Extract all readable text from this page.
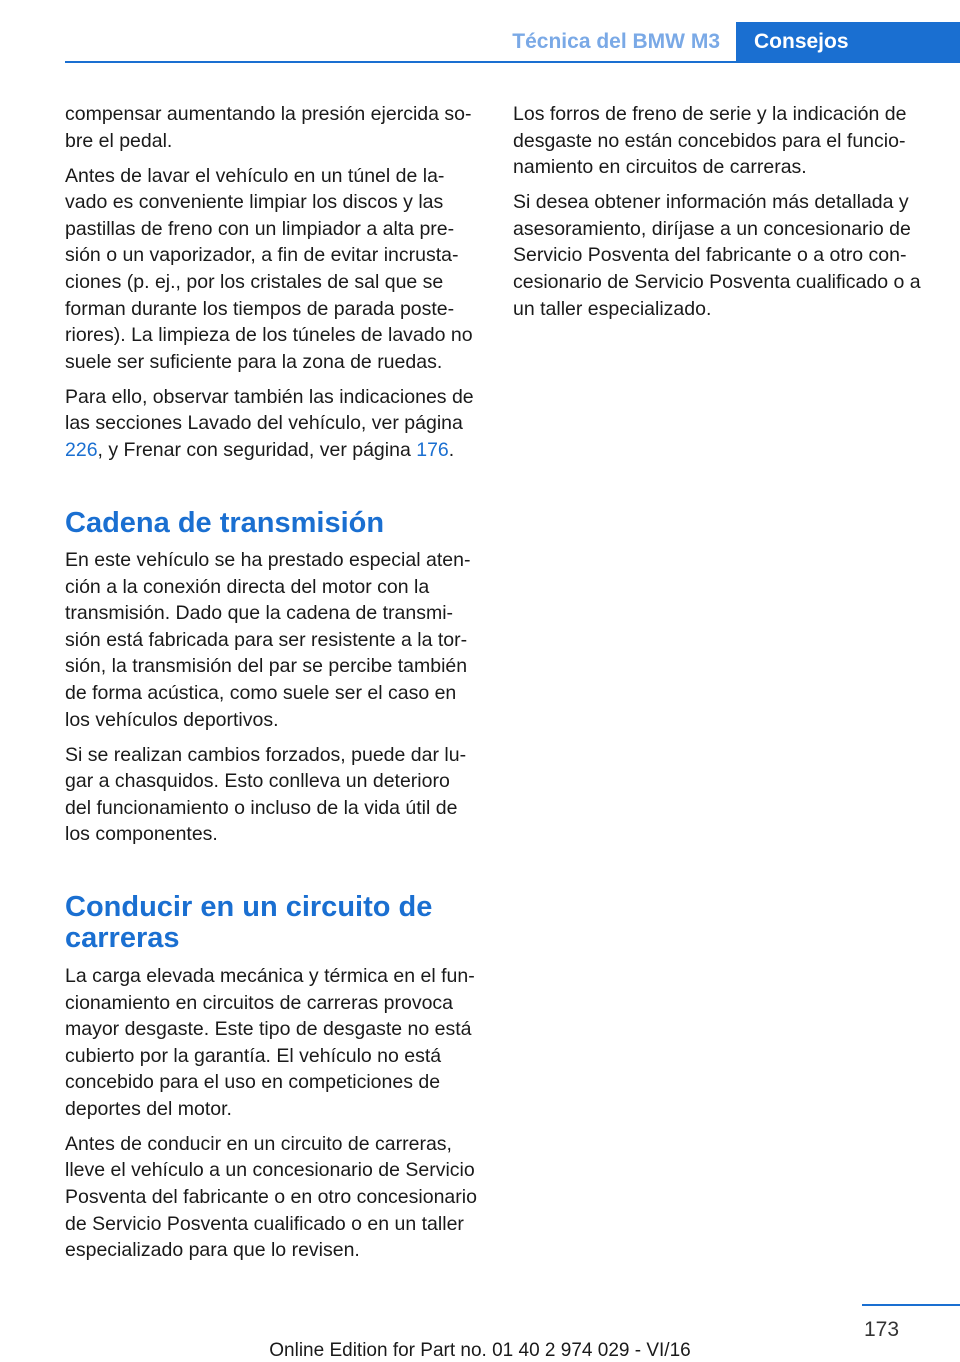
Técnica del BMW M3	Consejos

compensar aumentando la presión ejercida sobre el pedal.

Antes de lavar el vehículo en un túnel de lavado es conveniente limpiar los discos y las pastillas de freno con un limpiador a alta presión o un vaporizador, a fin de evitar incrustaciones (p. ej., por los cristales de sal que se forman durante los tiempos de parada posteriores). La limpieza de los túneles de lavado no suele ser suficiente para la zona de ruedas.

Para ello, observar también las indicaciones de las secciones Lavado del vehículo, ver página 226, y Frenar con seguridad, ver página 176.

Cadena de transmisión

En este vehículo se ha prestado especial atención a la conexión directa del motor con la transmisión. Dado que la cadena de transmisión está fabricada para ser resistente a la torsión, la transmisión del par se percibe también de forma acústica, como suele ser el caso en los vehículos deportivos.

Si se realizan cambios forzados, puede dar lugar a chasquidos. Esto conlleva un deterioro del funcionamiento o incluso de la vida útil de los componentes.

Conducir en un circuito de carreras

La carga elevada mecánica y térmica en el funcionamiento en circuitos de carreras provoca mayor desgaste. Este tipo de desgaste no está cubierto por la garantía. El vehículo no está concebido para el uso en competiciones de deportes del motor.

Antes de conducir en un circuito de carreras, lleve el vehículo a un concesionario de Servicio Posventa del fabricante o en otro concesionario de Servicio Posventa cualificado o en un taller especializado para que lo revisen.

Los forros de freno de serie y la indicación de desgaste no están concebidos para el funcionamiento en circuitos de carreras.

Si desea obtener información más detallada y asesoramiento, diríjase a un concesionario de Servicio Posventa del fabricante o a otro concesionario de Servicio Posventa cualificado o a un taller especializado.

173
Online Edition for Part no. 01 40 2 974 029 - VI/16
